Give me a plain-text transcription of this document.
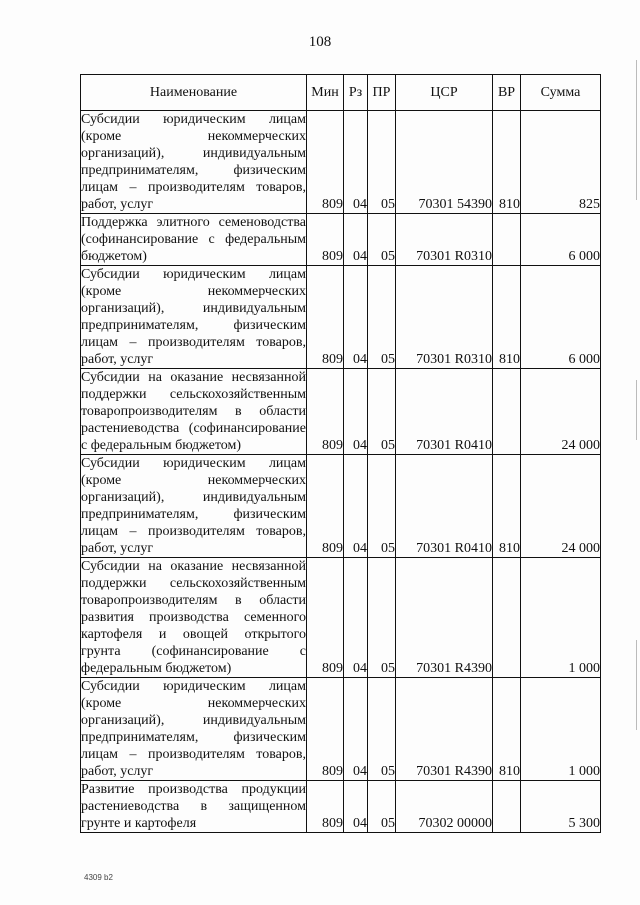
108
Наименование	Мин	Рз	ПР	ЦСР	ВР	Сумма
Субсидии юридическим лицам (кроме некоммерческих организаций), индивидуальным предпринимателям, физическим лицам – производителям товаров, работ, услуг	809	04	05	70301 54390	810	825
Поддержка элитного семеноводства (софинансирование с федеральным бюджетом)	809	04	05	70301 R0310		6 000
Субсидии юридическим лицам (кроме некоммерческих организаций), индивидуальным предпринимателям, физическим лицам – производителям товаров, работ, услуг	809	04	05	70301 R0310	810	6 000
Субсидии на оказание несвязанной поддержки сельскохозяйственным товаропроизводителям в области растениеводства (софинансирование с федеральным бюджетом)	809	04	05	70301 R0410		24 000
Субсидии юридическим лицам (кроме некоммерческих организаций), индивидуальным предпринимателям, физическим лицам – производителям товаров, работ, услуг	809	04	05	70301 R0410	810	24 000
Субсидии на оказание несвязанной поддержки сельскохозяйственным товаропроизводителям в области развития производства семенного картофеля и овощей открытого грунта (софинансирование с федеральным бюджетом)	809	04	05	70301 R4390		1 000
Субсидии юридическим лицам (кроме некоммерческих организаций), индивидуальным предпринимателям, физическим лицам – производителям товаров, работ, услуг	809	04	05	70301 R4390	810	1 000
Развитие производства продукции растениеводства в защищенном грунте и картофеля	809	04	05	70302 00000		5 300
4309 b2
